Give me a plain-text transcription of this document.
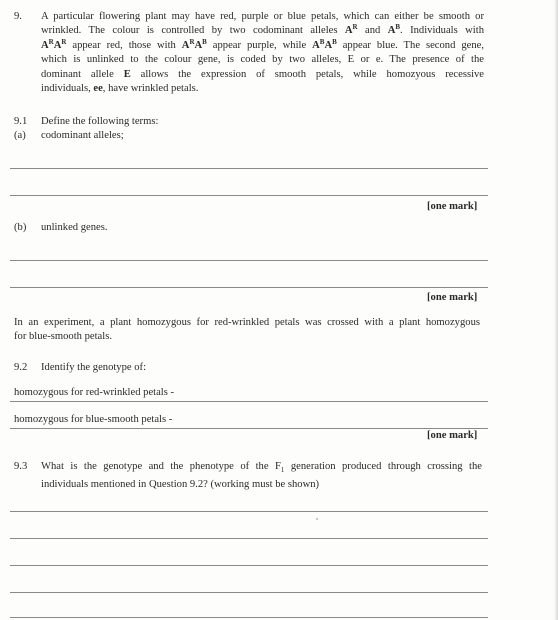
9. A particular flowering plant may have red, purple or blue petals, which can either be smooth or
wrinkled. The colour is controlled by two codominant alleles $A^R$ and $A^B$. Individuals with
$A^RA^R$ appear red, those with $A^RA^B$ appear purple, while $A^BA^B$ appear blue. The second gene,
which is unlinked to the colour gene, is coded by two alleles, E or e. The presence of the
dominant allele E allows the expression of smooth petals, while homozyous recessive
individuals, ee, have wrinkled petals.
9.1 Define the following terms:
(a) codominant alleles;
[one mark]
(b) unlinked genes.
[one mark]
In an experiment, a plant homozygous for red-wrinkled petals was crossed with a plant homozygous
for blue-smooth petals.
9.2 Identify the genotype of:
homozygous for red-wrinkled petals -
homozygous for blue-smooth petals -
[one mark]
9.3 What is the genotype and the phenotype of the $F_1$ generation produced through crossing the
individuals mentioned in Question 9.2? (working must be shown)
